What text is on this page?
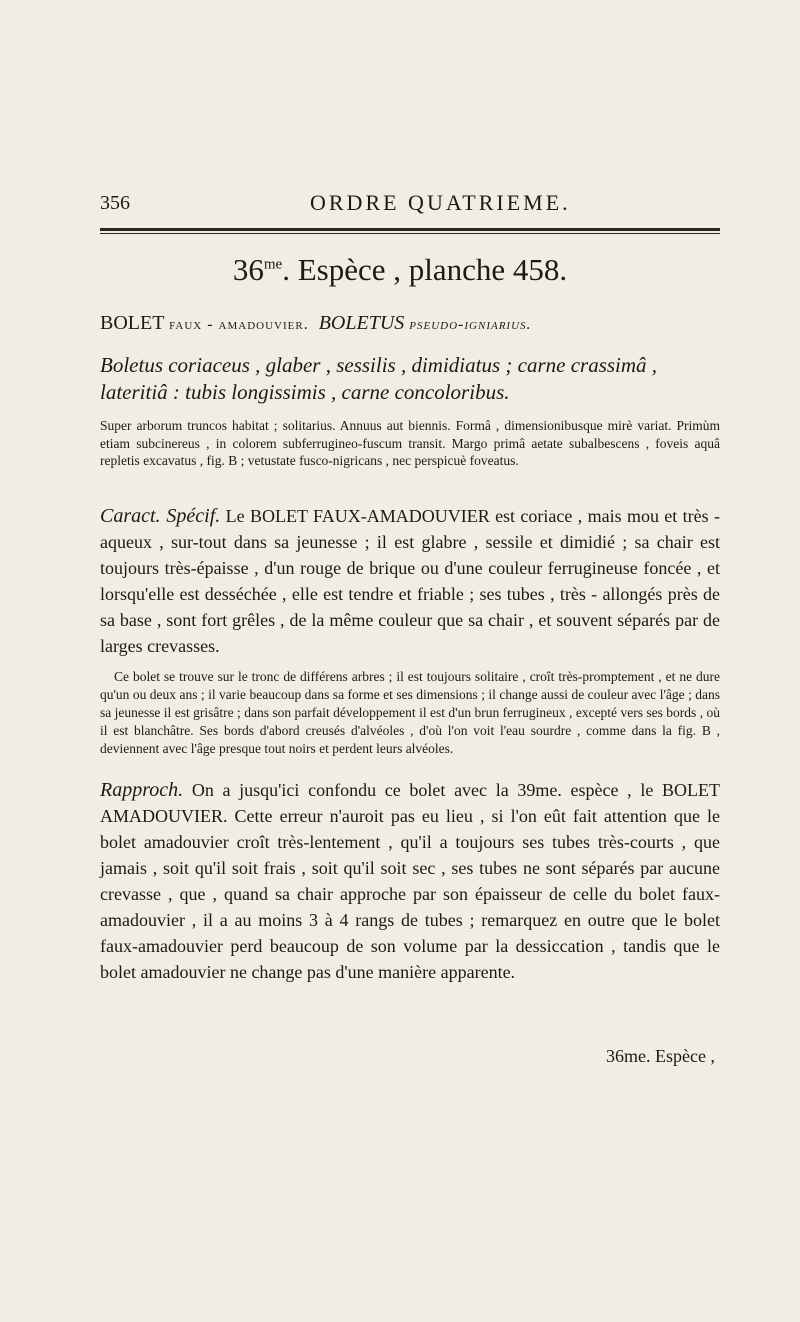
356	ORDRE QUATRIEME.
$36^{me}$. Espèce , planche 458.
BOLET faux - amadouvier. BOLETUS pseudo-igniarius.
Boletus coriaceus , glaber , sessilis , dimidiatus ; carne crassimâ , lateritiâ : tubis longissimis , carne concoloribus.
Super arborum truncos habitat ; solitarius. Annuus aut biennis. Formâ , dimensionibusque mirè variat. Primùm etiam subcinereus , in colorem subferrugineo-fuscum transit. Margo primâ aetate subalbescens , foveis aquâ repletis excavatus , fig. B ; vetustate fusco-nigricans , nec perspicuè foveatus.
Caract. Spécif. Le BOLET FAUX-AMADOUVIER est coriace , mais mou et très - aqueux , sur-tout dans sa jeunesse ; il est glabre , sessile et dimidié ; sa chair est toujours très-épaisse , d'un rouge de brique ou d'une couleur ferrugineuse foncée , et lorsqu'elle est desséchée , elle est tendre et friable ; ses tubes , très - allongés près de sa base , sont fort grêles , de la même couleur que sa chair , et souvent séparés par de larges crevasses.
Ce bolet se trouve sur le tronc de différens arbres ; il est toujours solitaire , croît très-promptement , et ne dure qu'un ou deux ans ; il varie beaucoup dans sa forme et ses dimensions ; il change aussi de couleur avec l'âge ; dans sa jeunesse il est grisâtre ; dans son parfait développement il est d'un brun ferrugineux , excepté vers ses bords , où il est blanchâtre. Ses bords d'abord creusés d'alvéoles , d'où l'on voit l'eau sourdre , comme dans la fig. B , deviennent avec l'âge presque tout noirs et perdent leurs alvéoles.
Rapproch. On a jusqu'ici confondu ce bolet avec la 39me. espèce , le BOLET AMADOUVIER. Cette erreur n'auroit pas eu lieu , si l'on eût fait attention que le bolet amadouvier croît très-lentement , qu'il a toujours ses tubes très-courts , que jamais , soit qu'il soit frais , soit qu'il soit sec , ses tubes ne sont séparés par aucune crevasse , que , quand sa chair approche par son épaisseur de celle du bolet faux-amadouvier , il a au moins 3 à 4 rangs de tubes ; remarquez en outre que le bolet faux-amadouvier perd beaucoup de son volume par la dessiccation , tandis que le bolet amadouvier ne change pas d'une manière apparente.
36me. Espèce ,
